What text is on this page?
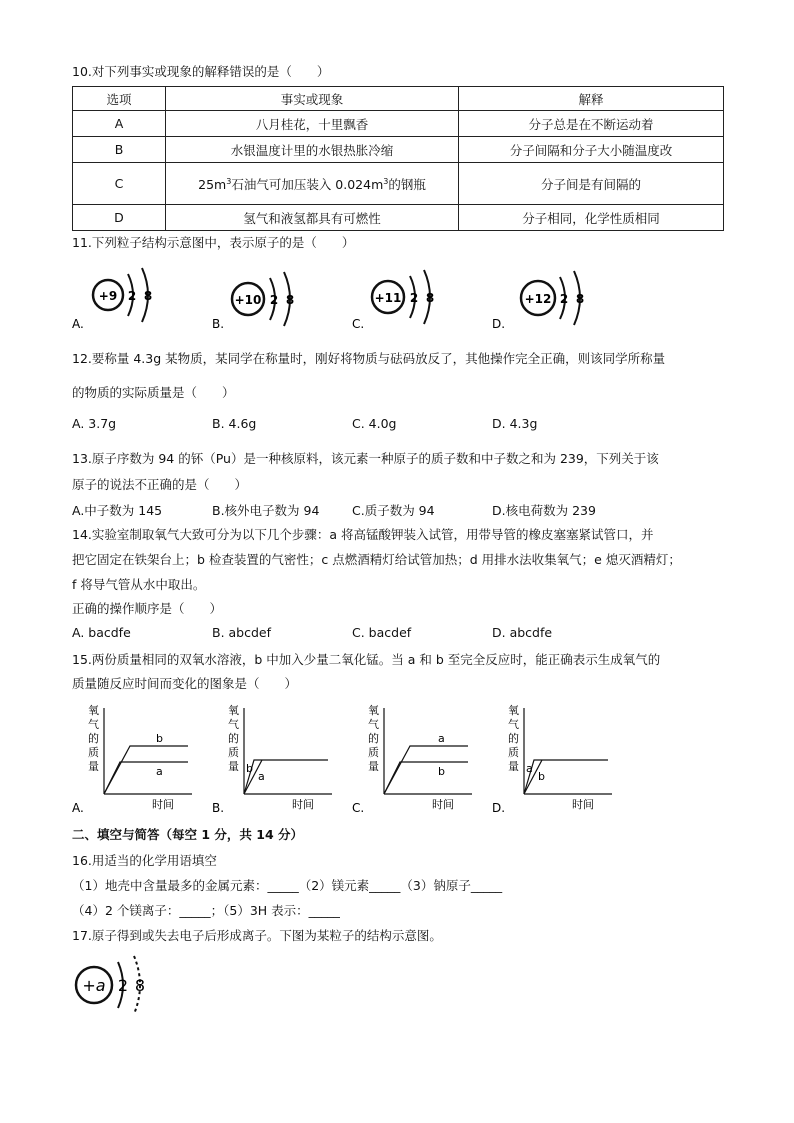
10.对下列事实或现象的解释错误的是（　　）
选项	事实或现象	解释
A	八月桂花，十里飘香	分子总是在不断运动着
B	水银温度计里的水银热胀冷缩	分子间隔和分子大小随温度改
C	$25m^3$石油气可加压装入 $0.024m^3$的钢瓶	分子间是有间隔的
D	氢气和液氢都具有可燃性	分子相同，化学性质相同
11.下列粒子结构示意图中，表示原子的是（　　）
A.
+9 2 8
B.
+10 2 8
C.
+11 2 8
D.
+12 2 8
12.要称量 4.3g 某物质，某同学在称量时，刚好将物质与砝码放反了，其他操作完全正确，则该同学所称量
的物质的实际质量是（　　）
A. 3.7g	B. 4.6g	C. 4.0g	D. 4.3g
13.原子序数为 94 的钚（Pu）是一种核原料，该元素一种原子的质子数和中子数之和为 239，下列关于该
原子的说法不正确的是（　　）
A.中子数为 145	B.核外电子数为 94	C.质子数为 94	D.核电荷数为 239
14.实验室制取氧气大致可分为以下几个步骤：a 将高锰酸钾装入试管，用带导管的橡皮塞塞紧试管口，并
把它固定在铁架台上；b 检查装置的气密性；c 点燃酒精灯给试管加热；d 用排水法收集氧气；e 熄灭酒精灯；
f 将导气管从水中取出。
正确的操作顺序是（　　）
A. bacdfe	B. abcdef	C. bacdef	D. abcdfe
15.两份质量相同的双氧水溶液，b 中加入少量二氧化锰。当 a 和 b 至完全反应时，能正确表示生成氧气的
质量随反应时间而变化的图象是（　　）
A.
氧
气
的
质
量
时间
b
a
B.
氧
气
的
质
量
时间
b
a
C.
氧
气
的
质
量
时间
a
b
D.
氧
气
的
质
量
时间
a
b
二、填空与简答（每空 1 分，共 14 分）
16.用适当的化学用语填空
（1）地壳中含量最多的金属元素：_____（2）镁元素_____（3）钠原子_____
（4）2 个镁离子：_____；（5）3H 表示：_____
17.原子得到或失去电子后形成离子。下图为某粒子的结构示意图。
+a 2 8
